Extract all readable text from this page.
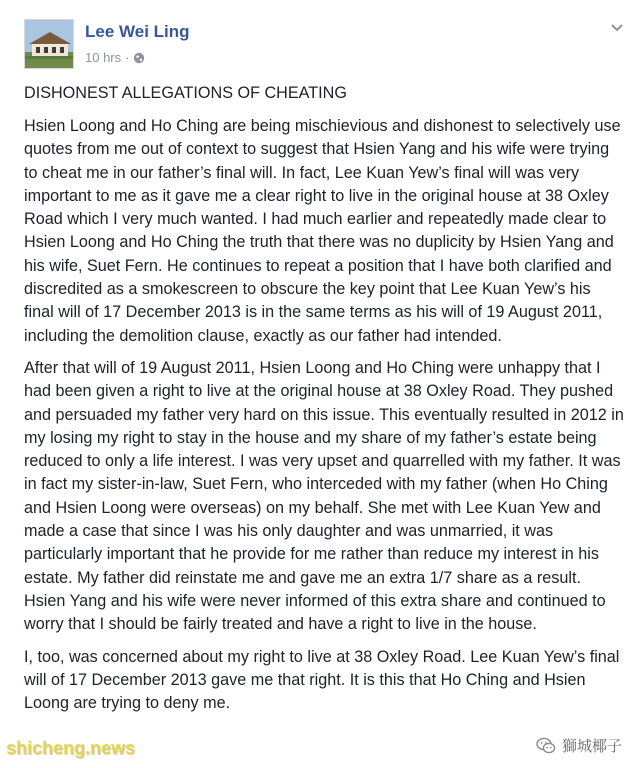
Lee Wei Ling
10 hrs ·
DISHONEST ALLEGATIONS OF CHEATING

Hsien Loong and Ho Ching are being mischievious and dishonest to selectively use quotes from me out of context to suggest that Hsien Yang and his wife were trying to cheat me in our father’s final will. In fact, Lee Kuan Yew’s final will was very important to me as it gave me a clear right to live in the original house at 38 Oxley Road which I very much wanted. I had much earlier and repeatedly made clear to Hsien Loong and Ho Ching the truth that there was no duplicity by Hsien Yang and his wife, Suet Fern. He continues to repeat a position that I have both clarified and discredited as a smokescreen to obscure the key point that Lee Kuan Yew’s his final will of 17 December 2013 is in the same terms as his will of 19 August 2011, including the demolition clause, exactly as our father had intended.

After that will of 19 August 2011, Hsien Loong and Ho Ching were unhappy that I had been given a right to live at the original house at 38 Oxley Road. They pushed and persuaded my father very hard on this issue. This eventually resulted in 2012 in my losing my right to stay in the house and my share of my father’s estate being reduced to only a life interest. I was very upset and quarrelled with my father. It was in fact my sister-in-law, Suet Fern, who interceded with my father (when Ho Ching and Hsien Loong were overseas) on my behalf. She met with Lee Kuan Yew and made a case that since I was his only daughter and was unmarried, it was particularly important that he provide for me rather than reduce my interest in his estate. My father did reinstate me and gave me an extra 1/7 share as a result. Hsien Yang and his wife were never informed of this extra share and continued to worry that I should be fairly treated and have a right to live in the house.

I, too, was concerned about my right to live at 38 Oxley Road. Lee Kuan Yew’s final will of 17 December 2013 gave me that right. It is this that Ho Ching and Hsien Loong are trying to deny me.

shicheng.news	獅城椰子
